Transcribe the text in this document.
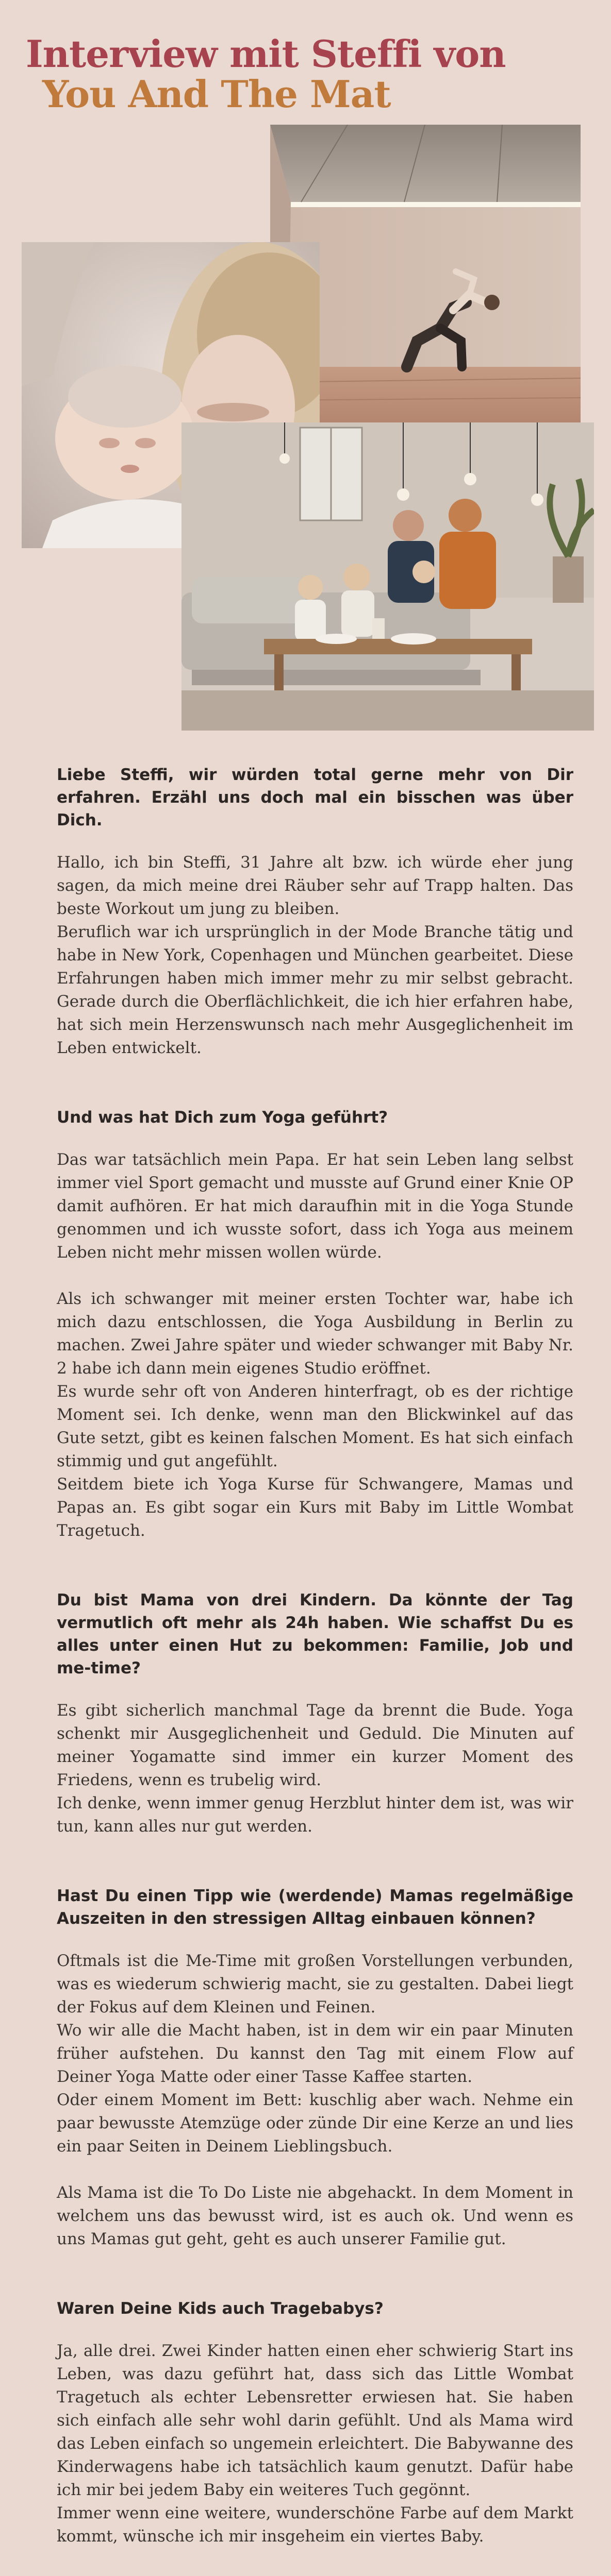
Interview mit Steffi von
You And The Mat

Liebe Steffi, wir würden total gerne mehr von Dir erfahren. Erzähl uns doch mal ein bisschen was über Dich.

Hallo, ich bin Steffi, 31 Jahre alt bzw. ich würde eher jung sagen, da mich meine drei Räuber sehr auf Trapp halten. Das beste Workout um jung zu bleiben.

Beruflich war ich ursprünglich in der Mode Branche tätig und habe in New York, Copenhagen und München gearbeitet. Diese Erfahrungen haben mich immer mehr zu mir selbst gebracht. Gerade durch die Oberflächlichkeit, die ich hier erfahren habe, hat sich mein Herzenswunsch nach mehr Ausgeglichenheit im Leben entwickelt.

Und was hat Dich zum Yoga geführt?

Das war tatsächlich mein Papa. Er hat sein Leben lang selbst immer viel Sport gemacht und musste auf Grund einer Knie OP damit aufhören. Er hat mich daraufhin mit in die Yoga Stunde genommen und ich wusste sofort, dass ich Yoga aus meinem Leben nicht mehr missen wollen würde.

Als ich schwanger mit meiner ersten Tochter war, habe ich mich dazu entschlossen, die Yoga Ausbildung in Berlin zu machen. Zwei Jahre später und wieder schwanger mit Baby Nr. 2 habe ich dann mein eigenes Studio eröffnet.

Es wurde sehr oft von Anderen hinterfragt, ob es der richtige Moment sei. Ich denke, wenn man den Blickwinkel auf das Gute setzt, gibt es keinen falschen Moment. Es hat sich einfach stimmig und gut angefühlt.

Seitdem biete ich Yoga Kurse für Schwangere, Mamas und Papas an. Es gibt sogar ein Kurs mit Baby im Little Wombat Tragetuch.

Du bist Mama von drei Kindern. Da könnte der Tag vermutlich oft mehr als 24h haben. Wie schaffst Du es alles unter einen Hut zu bekommen: Familie, Job und me-time?

Es gibt sicherlich manchmal Tage da brennt die Bude. Yoga schenkt mir Ausgeglichenheit und Geduld. Die Minuten auf meiner Yogamatte sind immer ein kurzer Moment des Friedens, wenn es trubelig wird.

Ich denke, wenn immer genug Herzblut hinter dem ist, was wir tun, kann alles nur gut werden.

Hast Du einen Tipp wie (werdende) Mamas regelmäßige Auszeiten in den stressigen Alltag einbauen können?

Oftmals ist die Me-Time mit großen Vorstellungen verbunden, was es wiederum schwierig macht, sie zu gestalten. Dabei liegt der Fokus auf dem Kleinen und Feinen.

Wo wir alle die Macht haben, ist in dem wir ein paar Minuten früher aufstehen. Du kannst den Tag mit einem Flow auf Deiner Yoga Matte oder einer Tasse Kaffee starten.

Oder einem Moment im Bett: kuschlig aber wach. Nehme ein paar bewusste Atemzüge oder zünde Dir eine Kerze an und lies ein paar Seiten in Deinem Lieblingsbuch.

Als Mama ist die To Do Liste nie abgehackt. In dem Moment in welchem uns das bewusst wird, ist es auch ok. Und wenn es uns Mamas gut geht, geht es auch unserer Familie gut.

Waren Deine Kids auch Tragebabys?

Ja, alle drei. Zwei Kinder hatten einen eher schwierig Start ins Leben, was dazu geführt hat, dass sich das Little Wombat Tragetuch als echter Lebensretter erwiesen hat. Sie haben sich einfach alle sehr wohl darin gefühlt. Und als Mama wird das Leben einfach so ungemein erleichtert. Die Babywanne des Kinderwagens habe ich tatsächlich kaum genutzt. Dafür habe ich mir bei jedem Baby ein weiteres Tuch gegönnt.

Immer wenn eine weitere, wunderschöne Farbe auf dem Markt kommt, wünsche ich mir insgeheim ein viertes Baby.
